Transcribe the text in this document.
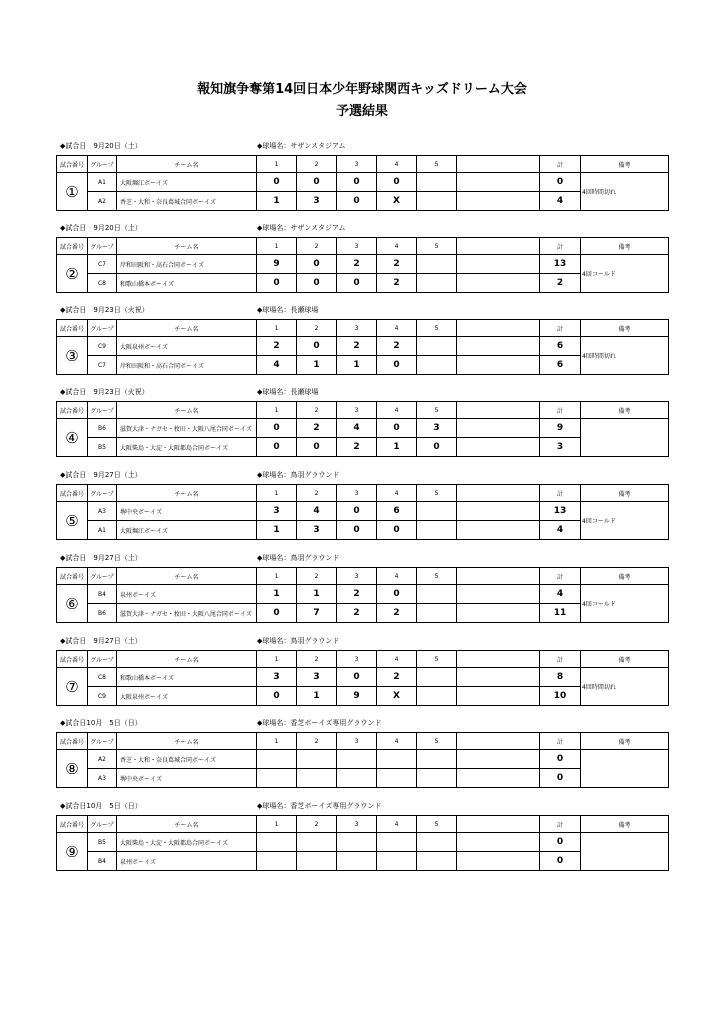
報知旗争奪第14回日本少年野球関西キッズドリーム大会
予選結果
◆試合日　9月20日（土）	◆球場名：サザンスタジアム
試合番号	グループ	チーム名	1	2	3	4	5		計	備考
①	A1	大阪堀江ボーイズ	0	0	0	0			0	4回時間切れ
	A2	香芝・大和・奈良葛城合同ボーイズ	1	3	0	X			4	
◆試合日　9月20日（土）	◆球場名：サザンスタジアム
試合番号	グループ	チーム名	1	2	3	4	5		計	備考
②	C7	岸和田阪和・高石合同ボーイズ	9	0	2	2			13	4回コールド
	C8	和歌山橋本ボーイズ	0	0	0	2			2	
◆試合日　9月23日（火祝）	◆球場名：長瀬球場
試合番号	グループ	チーム名	1	2	3	4	5		計	備考
③	C9	大阪泉州ボーイズ	2	0	2	2			6	4回時間切れ
	C7	岸和田阪和・高石合同ボーイズ	4	1	1	0			6	
◆試合日　9月23日（火祝）	◆球場名：長瀬球場
試合番号	グループ	チーム名	1	2	3	4	5		計	備考
④	B6	滋賀大津・ナガセ・枚田・大阪八尾合同ボーイズ	0	2	4	0	3		9	
	B5	大阪柴島・大淀・大阪都島合同ボーイズ	0	0	2	1	0		3	
◆試合日　9月27日（土）	◆球場名：鳥羽グラウンド
試合番号	グループ	チーム名	1	2	3	4	5		計	備考
⑤	A3	堺中央ボーイズ	3	4	0	6			13	4回コールド
	A1	大阪堀江ボーイズ	1	3	0	0			4	
◆試合日　9月27日（土）	◆球場名：鳥羽グラウンド
試合番号	グループ	チーム名	1	2	3	4	5		計	備考
⑥	B4	泉州ボーイズ	1	1	2	0			4	4回コールド
	B6	滋賀大津・ナガセ・枚田・大阪八尾合同ボーイズ	0	7	2	2			11	
◆試合日　9月27日（土）	◆球場名：鳥羽グラウンド
試合番号	グループ	チーム名	1	2	3	4	5		計	備考
⑦	C8	和歌山橋本ボーイズ	3	3	0	2			8	4回時間切れ
	C9	大阪泉州ボーイズ	0	1	9	X			10	
◆試合日10月　5日（日）	◆球場名：香芝ボーイズ専用グラウンド
試合番号	グループ	チーム名	1	2	3	4	5		計	備考
⑧	A2	香芝・大和・奈良葛城合同ボーイズ							0	
	A3	堺中央ボーイズ							0	
◆試合日10月　5日（日）	◆球場名：香芝ボーイズ専用グラウンド
試合番号	グループ	チーム名	1	2	3	4	5		計	備考
⑨	B5	大阪柴島・大淀・大阪都島合同ボーイズ							0	
	B4	泉州ボーイズ							0	
